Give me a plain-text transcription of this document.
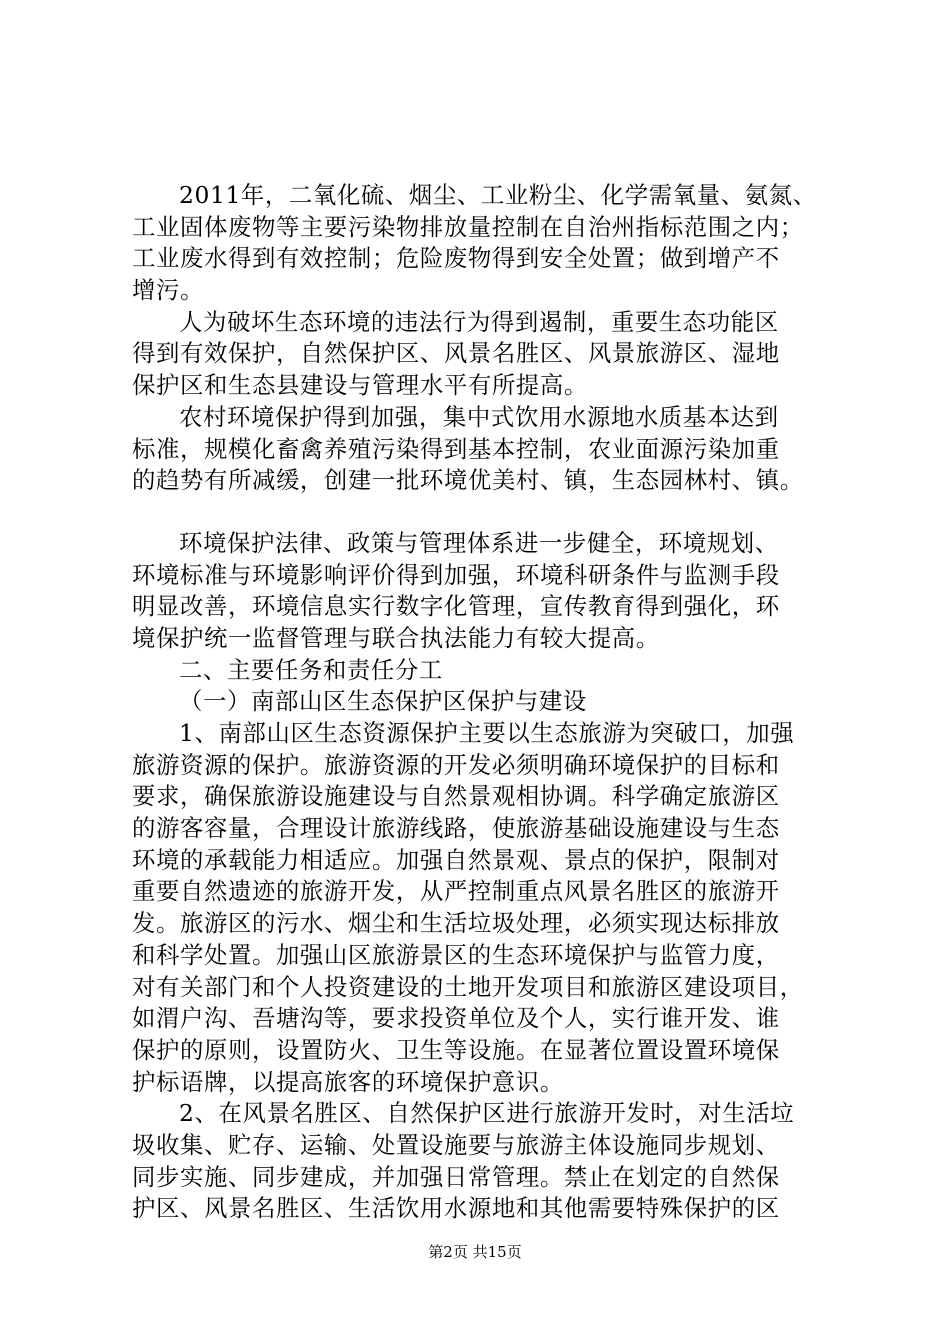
2011年，二氧化硫、烟尘、工业粉尘、化学需氧量、氨氮、
工业固体废物等主要污染物排放量控制在自治州指标范围之内；
工业废水得到有效控制；危险废物得到安全处置；做到增产不
增污。
人为破坏生态环境的违法行为得到遏制，重要生态功能区
得到有效保护，自然保护区、风景名胜区、风景旅游区、湿地
保护区和生态县建设与管理水平有所提高。
农村环境保护得到加强，集中式饮用水源地水质基本达到
标准，规模化畜禽养殖污染得到基本控制，农业面源污染加重
的趋势有所减缓，创建一批环境优美村、镇，生态园林村、镇。
环境保护法律、政策与管理体系进一步健全，环境规划、
环境标准与环境影响评价得到加强，环境科研条件与监测手段
明显改善，环境信息实行数字化管理，宣传教育得到强化，环
境保护统一监督管理与联合执法能力有较大提高。
二、主要任务和责任分工
（一）南部山区生态保护区保护与建设
1、南部山区生态资源保护主要以生态旅游为突破口，加强
旅游资源的保护。旅游资源的开发必须明确环境保护的目标和
要求，确保旅游设施建设与自然景观相协调。科学确定旅游区
的游客容量，合理设计旅游线路，使旅游基础设施建设与生态
环境的承载能力相适应。加强自然景观、景点的保护，限制对
重要自然遗迹的旅游开发，从严控制重点风景名胜区的旅游开
发。旅游区的污水、烟尘和生活垃圾处理，必须实现达标排放
和科学处置。加强山区旅游景区的生态环境保护与监管力度，
对有关部门和个人投资建设的土地开发项目和旅游区建设项目，
如渭户沟、吾塘沟等，要求投资单位及个人，实行谁开发、谁
保护的原则，设置防火、卫生等设施。在显著位置设置环境保
护标语牌，以提高旅客的环境保护意识。
2、在风景名胜区、自然保护区进行旅游开发时，对生活垃
圾收集、贮存、运输、处置设施要与旅游主体设施同步规划、
同步实施、同步建成，并加强日常管理。禁止在划定的自然保
护区、风景名胜区、生活饮用水源地和其他需要特殊保护的区
第2页 共15页
